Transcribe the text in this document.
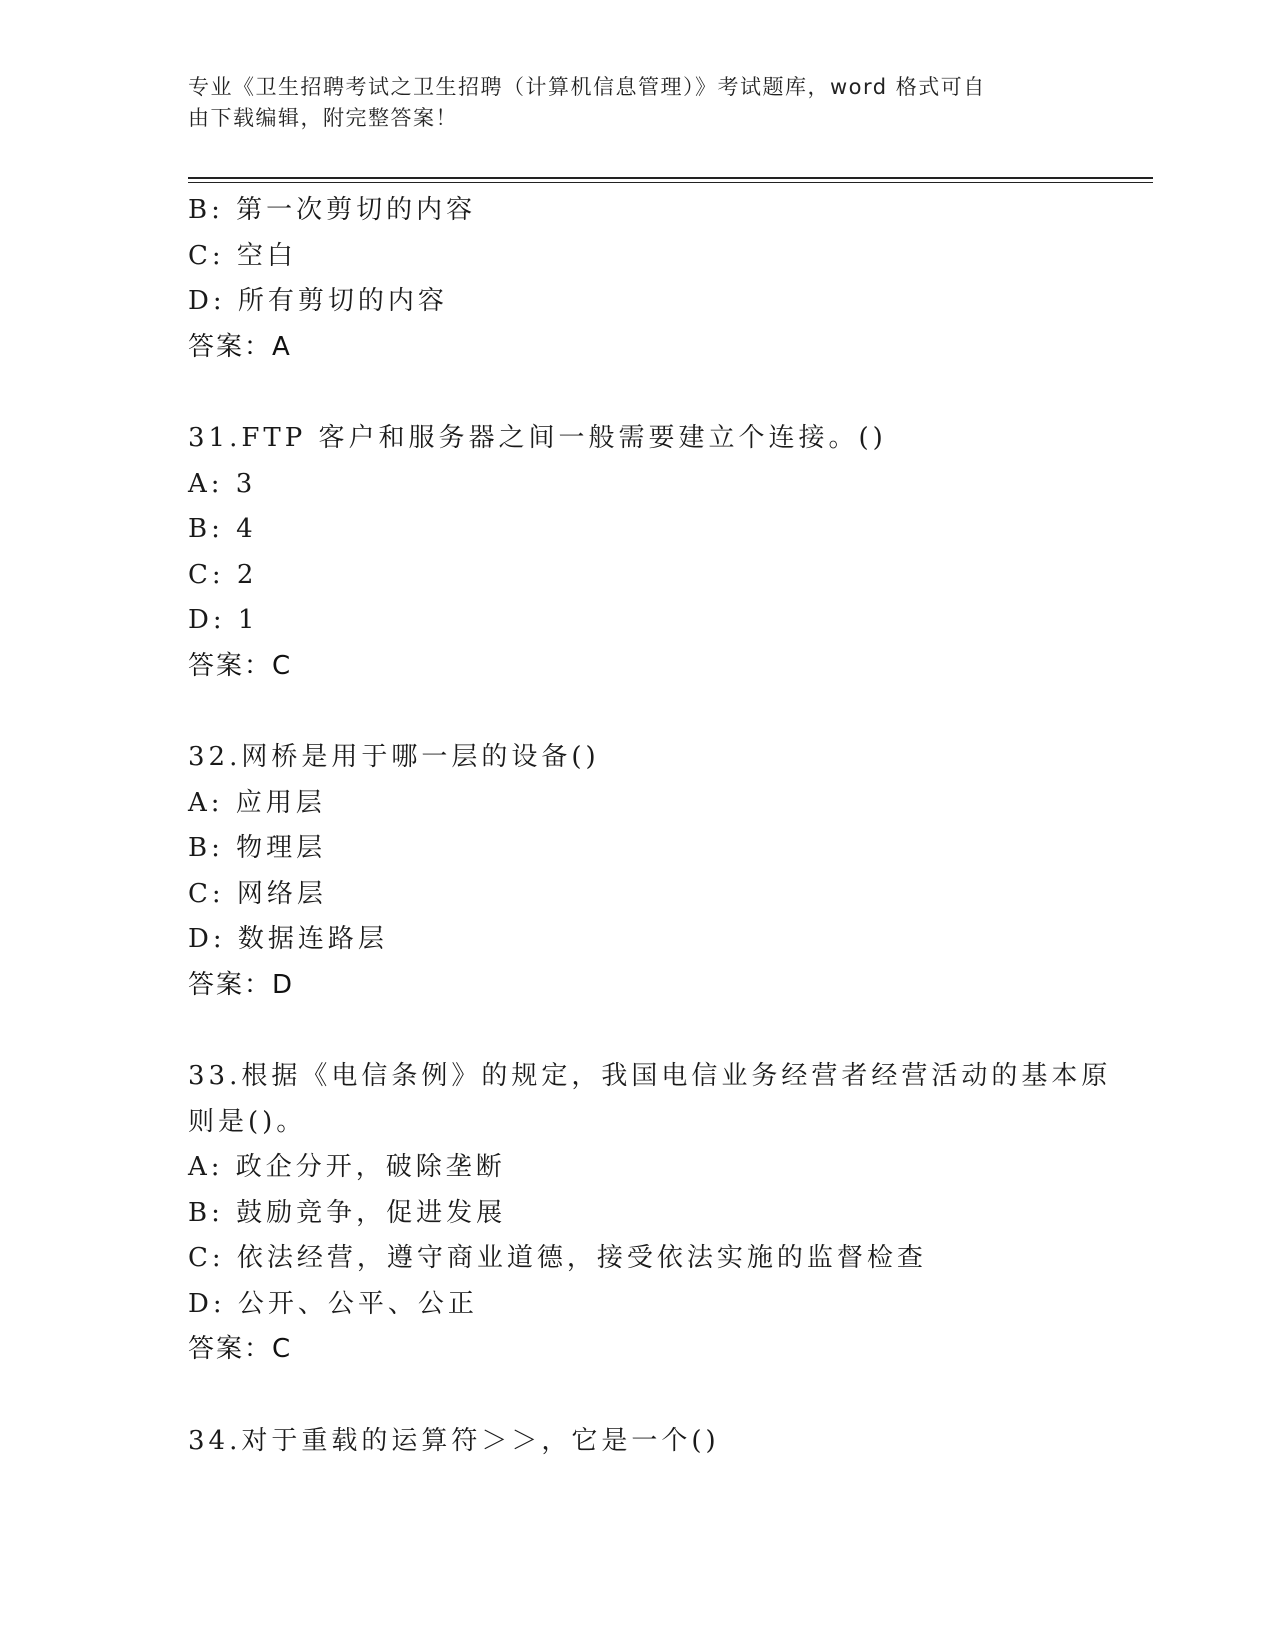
专业《卫生招聘考试之卫生招聘（计算机信息管理）》考试题库，word 格式可自
由下载编辑，附完整答案！
B: 第一次剪切的内容
C: 空白
D: 所有剪切的内容
答案：A
31.FTP 客户和服务器之间一般需要建立个连接。()
A: 3
B: 4
C: 2
D: 1
答案：C
32.网桥是用于哪一层的设备()
A: 应用层
B: 物理层
C: 网络层
D: 数据连路层
答案：D
33.根据《电信条例》的规定，我国电信业务经营者经营活动的基本原
则是()。
A: 政企分开，破除垄断
B: 鼓励竞争，促进发展
C: 依法经营，遵守商业道德，接受依法实施的监督检查
D: 公开、公平、公正
答案：C
34.对于重载的运算符＞＞，它是一个()
